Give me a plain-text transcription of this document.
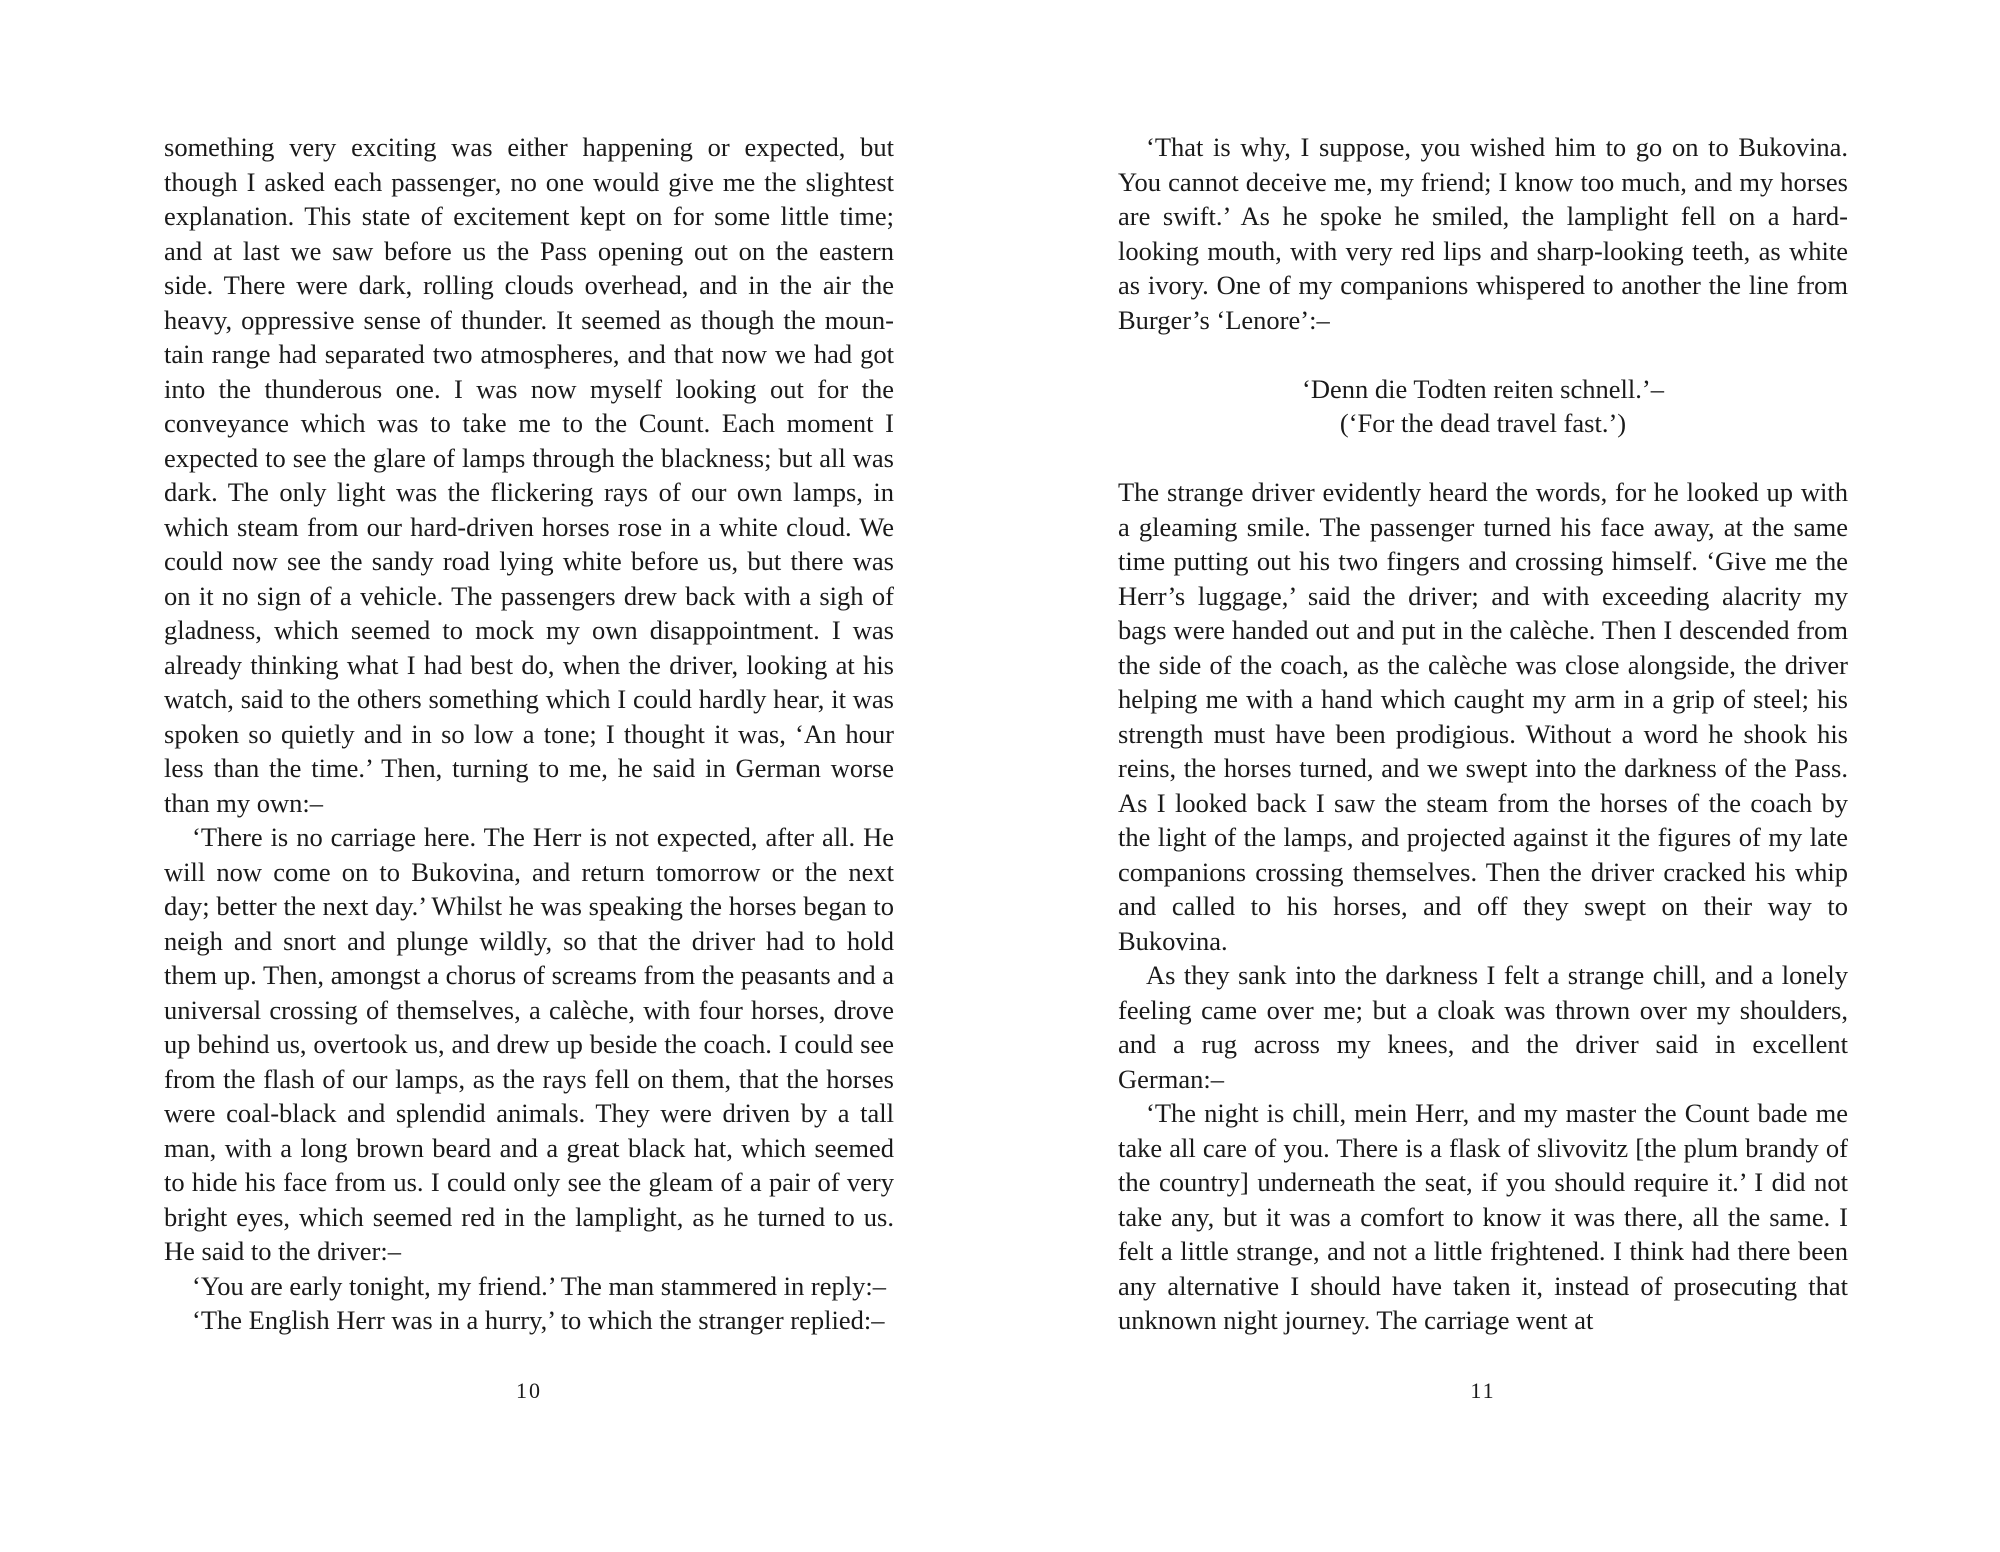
something very exciting was either happening or expected, but though I asked each passenger, no one would give me the slightest explanation. This state of excitement kept on for some little time; and at last we saw before us the Pass opening out on the eastern side. There were dark, rolling clouds overhead, and in the air the heavy, oppressive sense of thunder. It seemed as though the mountain range had separated two atmospheres, and that now we had got into the thunderous one. I was now myself looking out for the conveyance which was to take me to the Count. Each moment I expected to see the glare of lamps through the blackness; but all was dark. The only light was the flickering rays of our own lamps, in which steam from our hard-driven horses rose in a white cloud. We could now see the sandy road lying white before us, but there was on it no sign of a vehicle. The passengers drew back with a sigh of gladness, which seemed to mock my own disappointment. I was already thinking what I had best do, when the driver, looking at his watch, said to the others something which I could hardly hear, it was spoken so quietly and in so low a tone; I thought it was, ‘An hour less than the time.’ Then, turning to me, he said in German worse than my own:–

‘There is no carriage here. The Herr is not expected, after all. He will now come on to Bukovina, and return tomorrow or the next day; better the next day.’ Whilst he was speaking the horses began to neigh and snort and plunge wildly, so that the driver had to hold them up. Then, amongst a chorus of screams from the peasants and a universal crossing of themselves, a calèche, with four horses, drove up behind us, overtook us, and drew up beside the coach. I could see from the flash of our lamps, as the rays fell on them, that the horses were coal-black and splendid animals. They were driven by a tall man, with a long brown beard and a great black hat, which seemed to hide his face from us. I could only see the gleam of a pair of very bright eyes, which seemed red in the lamplight, as he turned to us. He said to the driver:–

‘You are early tonight, my friend.’ The man stammered in reply:–

‘The English Herr was in a hurry,’ to which the stranger replied:–

10

‘That is why, I suppose, you wished him to go on to Bukovina. You cannot deceive me, my friend; I know too much, and my horses are swift.’ As he spoke he smiled, the lamplight fell on a hard-looking mouth, with very red lips and sharp-looking teeth, as white as ivory. One of my companions whispered to another the line from Burger’s ‘Lenore’:–

‘Denn die Todten reiten schnell.’–
(‘For the dead travel fast.’)

The strange driver evidently heard the words, for he looked up with a gleaming smile. The passenger turned his face away, at the same time putting out his two fingers and crossing himself. ‘Give me the Herr’s luggage,’ said the driver; and with exceeding alacrity my bags were handed out and put in the calèche. Then I descended from the side of the coach, as the calèche was close alongside, the driver helping me with a hand which caught my arm in a grip of steel; his strength must have been prodigious. Without a word he shook his reins, the horses turned, and we swept into the darkness of the Pass. As I looked back I saw the steam from the horses of the coach by the light of the lamps, and projected against it the figures of my late companions crossing themselves. Then the driver cracked his whip and called to his horses, and off they swept on their way to Bukovina.

As they sank into the darkness I felt a strange chill, and a lonely feeling came over me; but a cloak was thrown over my shoulders, and a rug across my knees, and the driver said in excellent German:–

‘The night is chill, mein Herr, and my master the Count bade me take all care of you. There is a flask of slivovitz [the plum brandy of the country] underneath the seat, if you should require it.’ I did not take any, but it was a comfort to know it was there, all the same. I felt a little strange, and not a little frightened. I think had there been any alternative I should have taken it, instead of prosecuting that unknown night journey. The carriage went at

11
